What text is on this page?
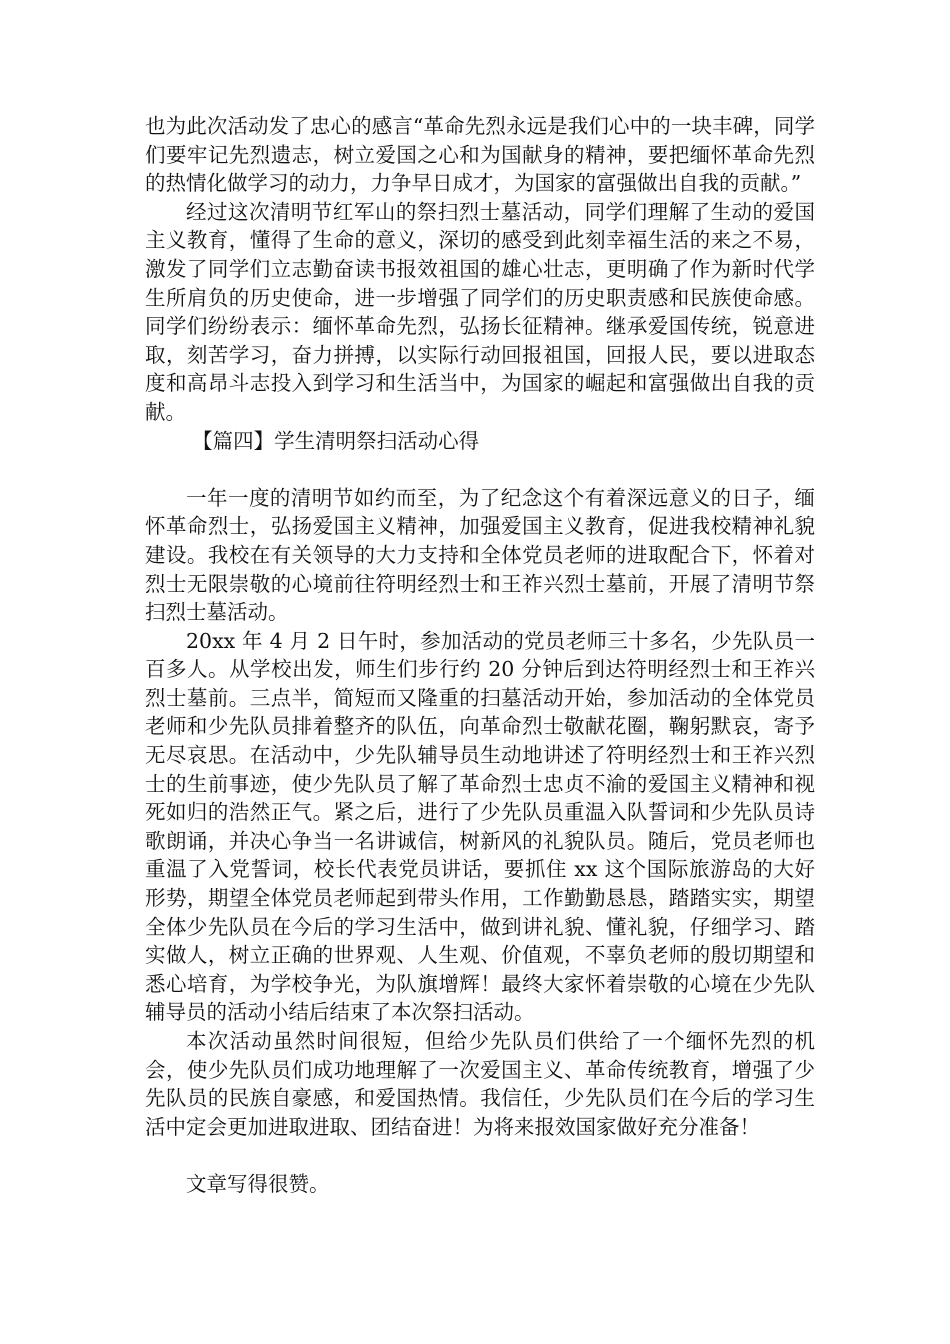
也为此次活动发了忠心的感言“革命先烈永远是我们心中的一块丰碑，同学们要牢记先烈遗志，树立爱国之心和为国献身的精神，要把缅怀革命先烈的热情化做学习的动力，力争早日成才，为国家的富强做出自我的贡献。”

经过这次清明节红军山的祭扫烈士墓活动，同学们理解了生动的爱国主义教育，懂得了生命的意义，深切的感受到此刻幸福生活的来之不易，激发了同学们立志勤奋读书报效祖国的雄心壮志，更明确了作为新时代学生所肩负的历史使命，进一步增强了同学们的历史职责感和民族使命感。同学们纷纷表示：缅怀革命先烈，弘扬长征精神。继承爱国传统，锐意进取，刻苦学习，奋力拼搏，以实际行动回报祖国，回报人民，要以进取态度和高昂斗志投入到学习和生活当中，为国家的崛起和富强做出自我的贡献。

【篇四】学生清明祭扫活动心得

一年一度的清明节如约而至，为了纪念这个有着深远意义的日子，缅怀革命烈士，弘扬爱国主义精神，加强爱国主义教育，促进我校精神礼貌建设。我校在有关领导的大力支持和全体党员老师的进取配合下，怀着对烈士无限崇敬的心境前往符明经烈士和王祚兴烈士墓前，开展了清明节祭扫烈士墓活动。

20xx 年 4 月 2 日午时，参加活动的党员老师三十多名，少先队员一百多人。从学校出发，师生们步行约 20 分钟后到达符明经烈士和王祚兴烈士墓前。三点半，简短而又隆重的扫墓活动开始，参加活动的全体党员老师和少先队员排着整齐的队伍，向革命烈士敬献花圈，鞠躬默哀，寄予无尽哀思。在活动中，少先队辅导员生动地讲述了符明经烈士和王祚兴烈士的生前事迹，使少先队员了解了革命烈士忠贞不渝的爱国主义精神和视死如归的浩然正气。紧之后，进行了少先队员重温入队誓词和少先队员诗歌朗诵，并决心争当一名讲诚信，树新风的礼貌队员。随后，党员老师也重温了入党誓词，校长代表党员讲话，要抓住 xx 这个国际旅游岛的大好形势，期望全体党员老师起到带头作用，工作勤勤恳恳，踏踏实实，期望全体少先队员在今后的学习生活中，做到讲礼貌、懂礼貌，仔细学习、踏实做人，树立正确的世界观、人生观、价值观，不辜负老师的殷切期望和悉心培育，为学校争光，为队旗增辉！最终大家怀着崇敬的心境在少先队辅导员的活动小结后结束了本次祭扫活动。

本次活动虽然时间很短，但给少先队员们供给了一个缅怀先烈的机会，使少先队员们成功地理解了一次爱国主义、革命传统教育，增强了少先队员的民族自豪感，和爱国热情。我信任，少先队员们在今后的学习生活中定会更加进取进取、团结奋进！为将来报效国家做好充分准备！

文章写得很赞。
